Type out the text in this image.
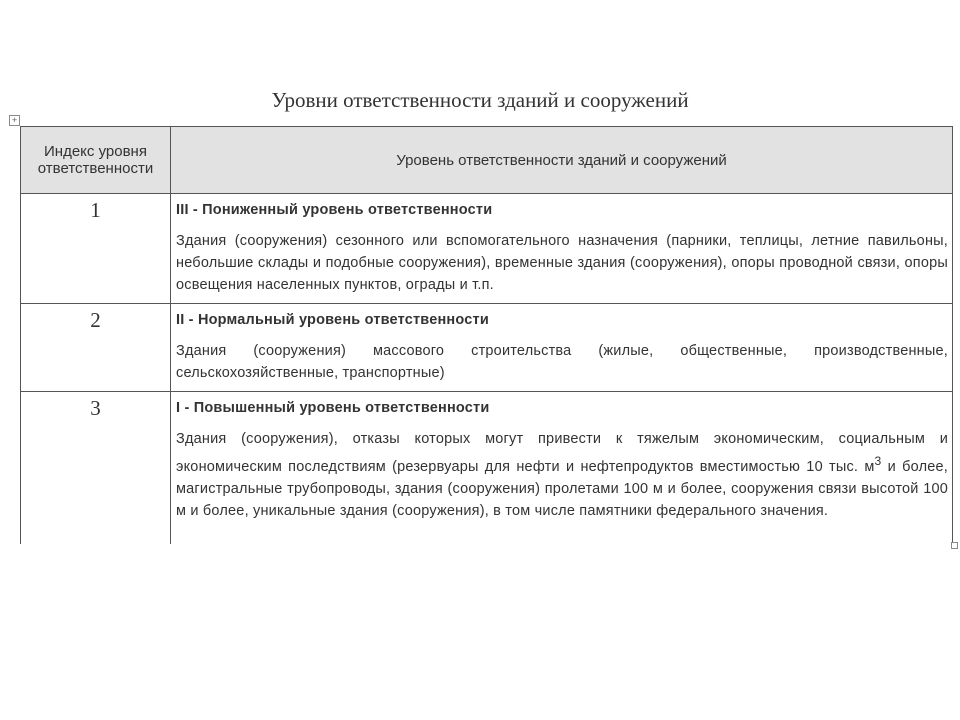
Уровни ответственности зданий и сооружений
+
Индекс уровня ответственности	Уровень ответственности зданий и сооружений
1	III - Пониженный уровень ответственности
Здания (сооружения) сезонного или вспомогательного назначения (парники, теплицы, летние павильоны, небольшие склады и подобные сооружения), временные здания (сооружения), опоры проводной связи, опоры освещения населенных пунктов, ограды и т.п.

2	II - Нормальный уровень ответственности
Здания (сооружения) массового строительства (жилые, общественные, производственные, сельскохозяйственные, транспортные)

3	I - Повышенный уровень ответственности
Здания (сооружения), отказы которых могут привести к тяжелым экономическим, социальным и экономическим последствиям (резервуары для нефти и нефтепродуктов вместимостью 10 тыс. $м^3$ и более, магистральные трубопроводы, здания (сооружения) пролетами 100 м и более, сооружения связи высотой 100 м и более, уникальные здания (сооружения), в том числе памятники федерального значения.
